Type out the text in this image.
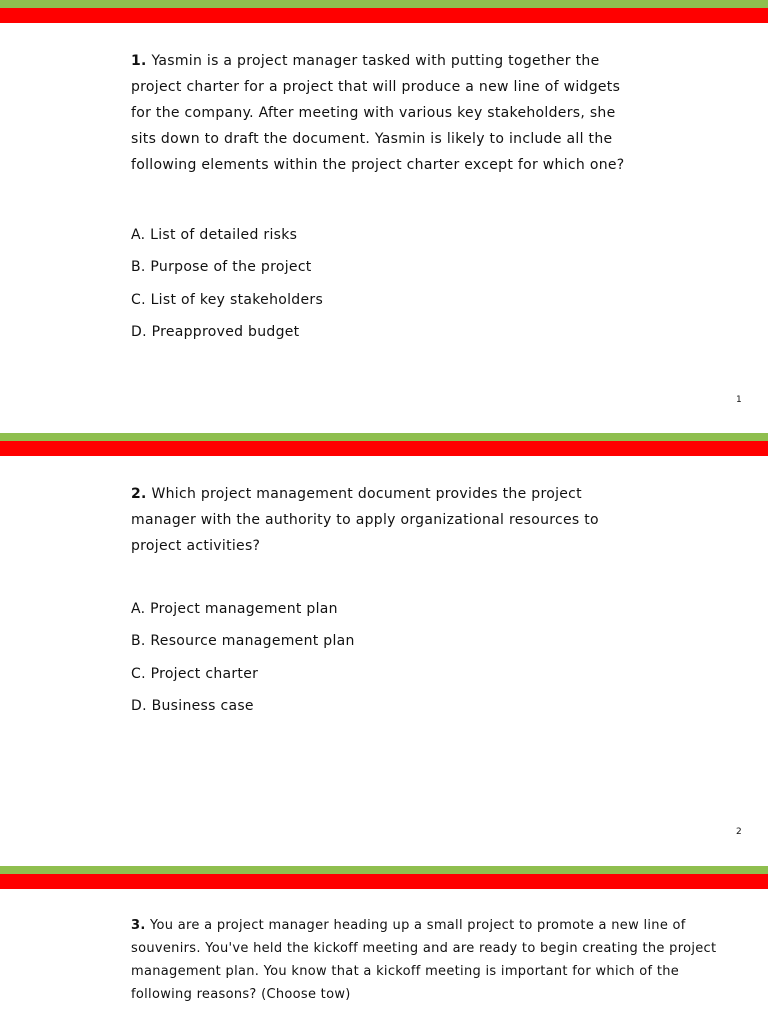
1. Yasmin is a project manager tasked with putting together the project charter for a project that will produce a new line of widgets for the company. After meeting with various key stakeholders, she sits down to draft the document. Yasmin is likely to include all the following elements within the project charter except for which one?

A. List of detailed risks
B. Purpose of the project
C. List of key stakeholders
D. Preapproved budget
1

2. Which project management document provides the project manager with the authority to apply organizational resources to project activities?

A. Project management plan
B. Resource management plan
C. Project charter
D. Business case
2

3. You are a project manager heading up a small project to promote a new line of souvenirs. You've held the kickoff meeting and are ready to begin creating the project management plan. You know that a kickoff meeting is important for which of the following reasons? (Choose tow)
